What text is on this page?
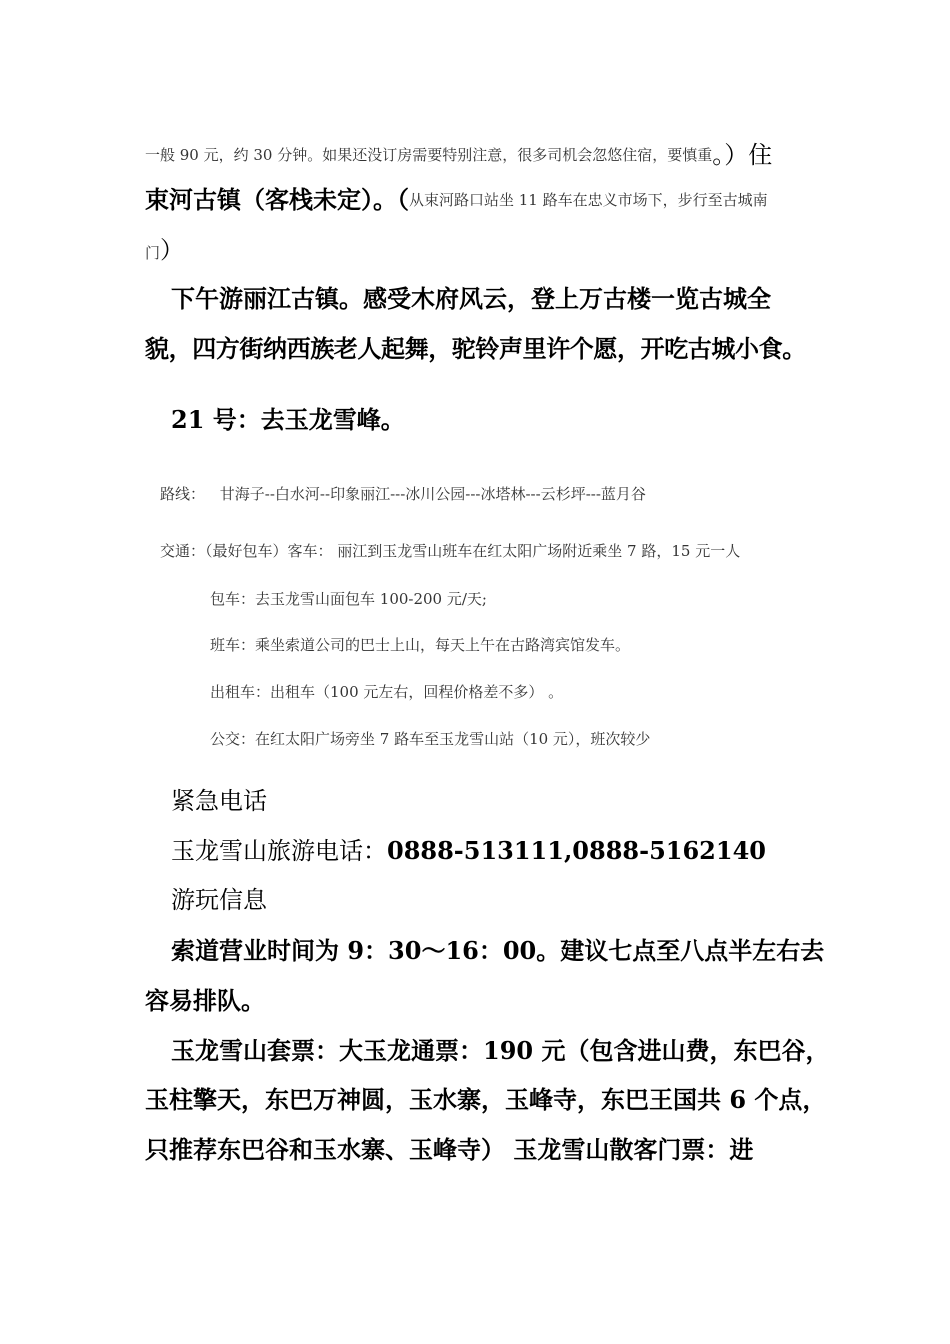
一般 90 元，约 30 分钟。如果还没订房需要特别注意，很多司机会忽悠住宿，要慎重。）住
束河古镇（客栈未定）。（从束河路口站坐 11 路车在忠义市场下，步行至古城南
门）
下午游丽江古镇。感受木府风云，登上万古楼一览古城全
貌，四方街纳西族老人起舞，驼铃声里许个愿，开吃古城小食。
21 号：去玉龙雪峰。
路线： 甘海子--白水河--印象丽江---冰川公园---冰塔林---云杉坪---蓝月谷
交通：（最好包车）客车： 丽江到玉龙雪山班车在红太阳广场附近乘坐 7 路，15 元一人
包车：去玉龙雪山面包车 100-200 元/天;
班车：乘坐索道公司的巴士上山，每天上午在古路湾宾馆发车。
出租车：出租车（100 元左右，回程价格差不多） 。
公交：在红太阳广场旁坐 7 路车至玉龙雪山站（10 元），班次较少
紧急电话
玉龙雪山旅游电话：0888-513111,0888-5162140
游玩信息
索道营业时间为 9：30～16：00。建议七点至八点半左右去
容易排队。
玉龙雪山套票：大玉龙通票：190 元（包含进山费，东巴谷，
玉柱擎天，东巴万神圆，玉水寨，玉峰寺，东巴王国共 6 个点，
只推荐东巴谷和玉水寨、玉峰寺） 玉龙雪山散客门票：进
